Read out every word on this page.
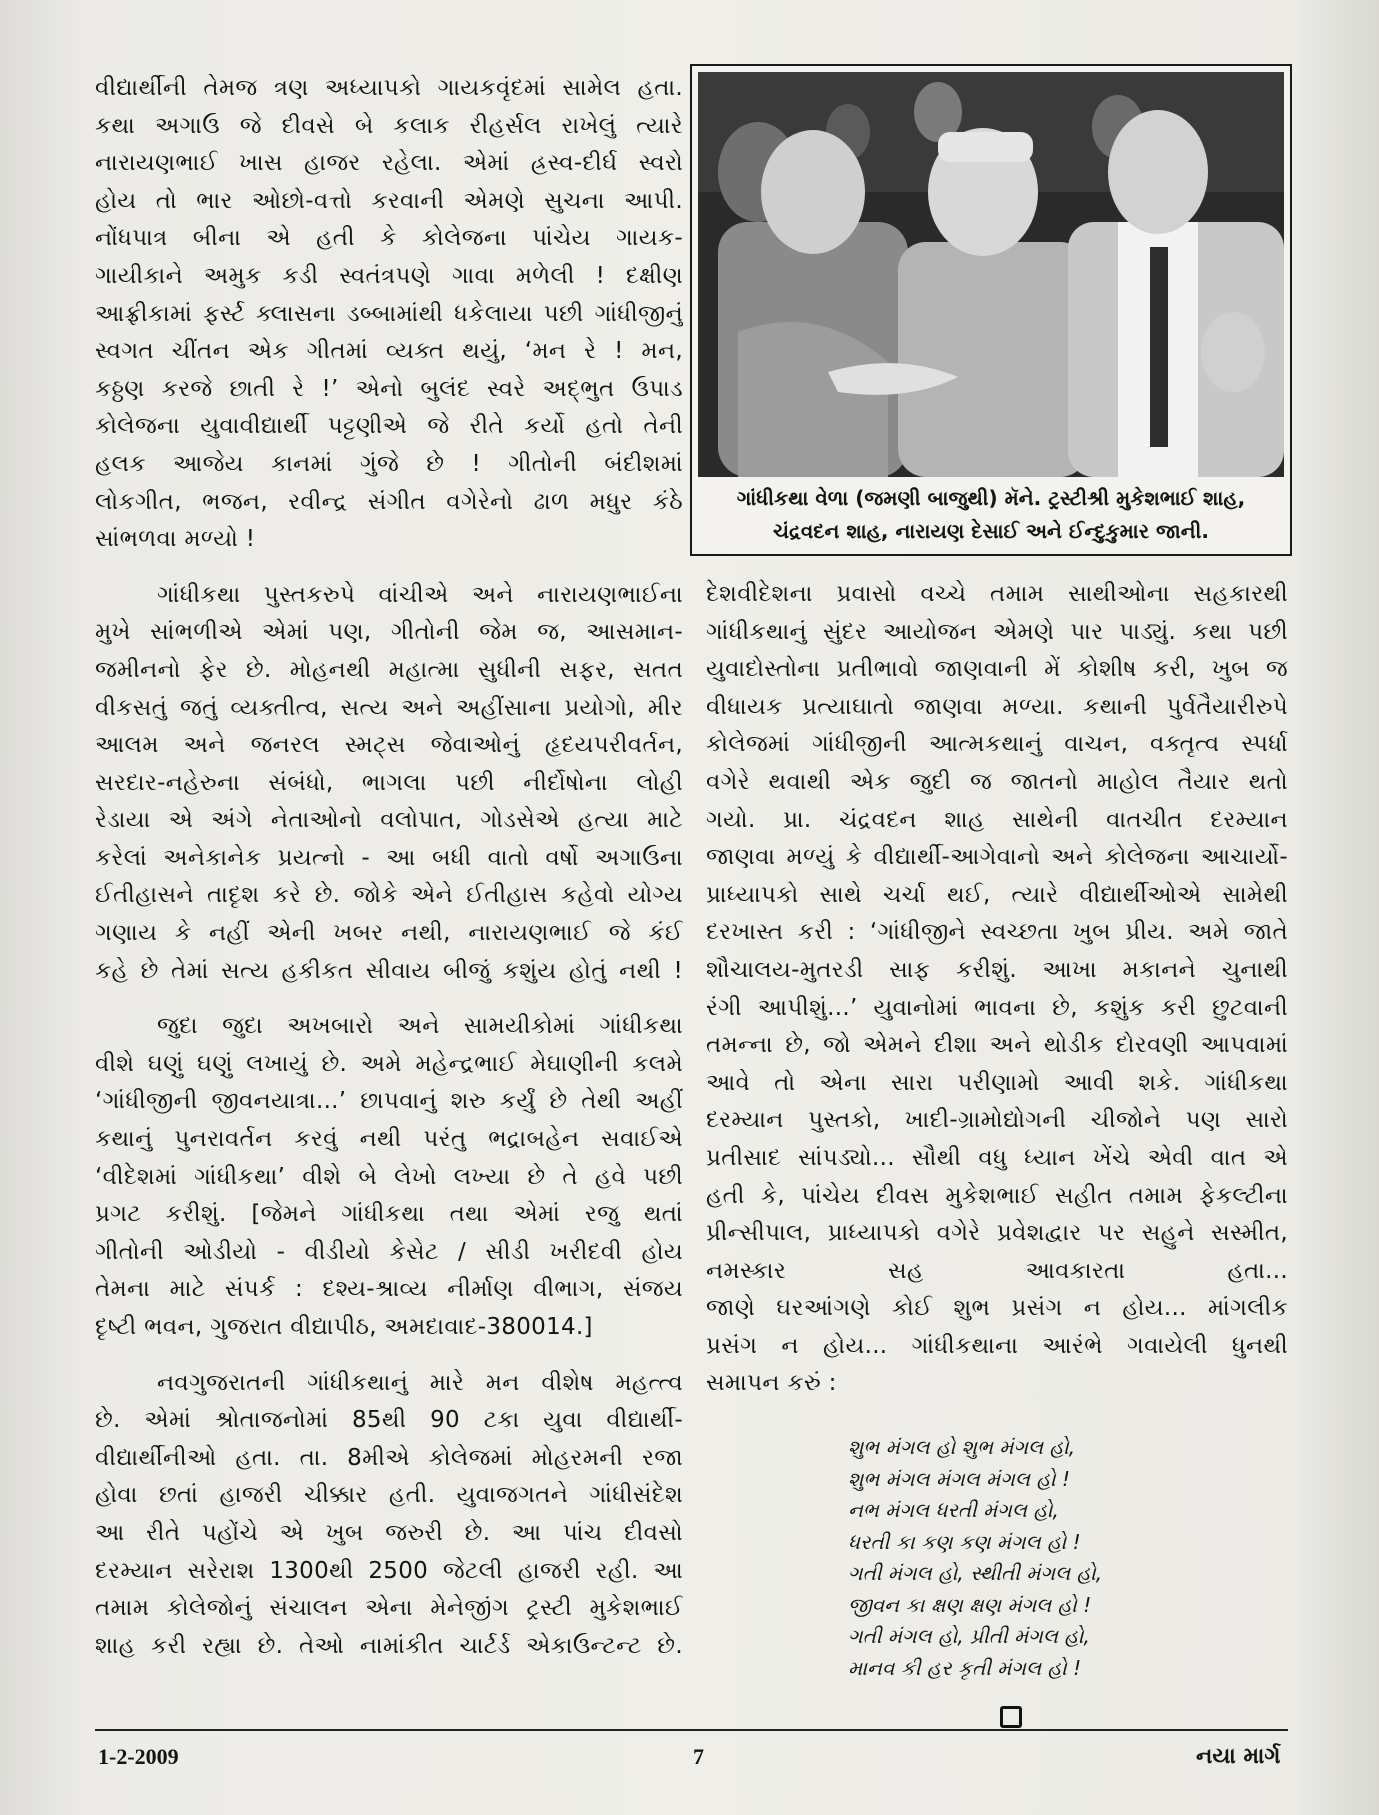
વીદ્યાર્થીની તેમજ ત્રણ અધ્યાપકો ગાયકવૃંદમાં સામેલ હતા.
કથા અગાઉ જે દીવસે બે કલાક રીહર્સલ રાખેલું ત્યારે
નારાયણભાઈ ખાસ હાજર રહેલા. એમાં હ્રસ્વ-દીર્ઘ સ્વરો
હોય તો ભાર ઓછો-વત્તો કરવાની એમણે સુચના આપી.
નોંધપાત્ર બીના એ હતી કે કોલેજના પાંચેય ગાયક-
ગાયીકાને અમુક કડી સ્વતંત્રપણે ગાવા મળેલી ! દક્ષીણ
આફ્રીકામાં ફર્સ્ટ ક્લાસના ડબ્બામાંથી ધકેલાયા પછી ગાંધીજીનું
સ્વગત ચીંતન એક ગીતમાં વ્યક્ત થયું, ‘મન રે ! મન,
કઠ્ઠણ કરજે છાતી રે !’ એનો બુલંદ સ્વરે અદ્ભુત ઉપાડ
કોલેજના યુવાવીદ્યાર્થી પટ્ટણીએ જે રીતે કર્યો હતો તેની
હલક આજેય કાનમાં ગુંજે છે ! ગીતોની બંદીશમાં
લોકગીત, ભજન, રવીન્દ્ર સંગીત વગેરેનો ઢાળ મધુર કંઠે
સાંભળવા મળ્યો !
ગાંધીકથા પુસ્તકરુપે વાંચીએ અને નારાયણભાઈના
મુખે સાંભળીએ એમાં પણ, ગીતોની જેમ જ, આસમાન-
જમીનનો ફેર છે. મોહનથી મહાત્મા સુધીની સફર, સતત
વીકસતું જતું વ્યક્તીત્વ, સત્ય અને અહીંસાના પ્રયોગો, મીર
આલમ અને જનરલ સ્મટ્સ જેવાઓનું હૃદયપરીવર્તન,
સરદાર-નહેરુના સંબંધો, ભાગલા પછી નીર્દોષોના લોહી
રેડાયા એ અંગે નેતાઓનો વલોપાત, ગોડસેએ હત્યા માટે
કરેલાં અનેકાનેક પ્રયત્નો - આ બધી વાતો વર્ષો અગાઉના
ઈતીહાસને તાદૃશ કરે છે. જોકે એને ઈતીહાસ કહેવો યોગ્ય
ગણાય કે નહીં એની ખબર નથી, નારાયણભાઈ જે કંઈ
કહે છે તેમાં સત્ય હકીકત સીવાય બીજું કશુંય હોતું નથી !
જુદા જુદા અખબારો અને સામયીકોમાં ગાંધીકથા
વીશે ઘણું ઘણું લખાયું છે. અમે મહેન્દ્રભાઈ મેઘાણીની કલમે
‘ગાંધીજીની જીવનયાત્રા...’ છાપવાનું શરુ કર્યું છે તેથી અહીં
કથાનું પુનરાવર્તન કરવું નથી પરંતુ ભદ્રાબહેન સવાઈએ
‘વીદેશમાં ગાંધીકથા’ વીશે બે લેખો લખ્યા છે તે હવે પછી
પ્રગટ કરીશું. [જેમને ગાંધીકથા તથા એમાં રજુ થતાં
ગીતોની ઓડીયો - વીડીયો કેસેટ / સીડી ખરીદવી હોય
તેમના માટે સંપર્ક : દશ્ય-શ્રાવ્ય નીર્માણ વીભાગ, સંજય
દૃષ્ટી ભવન, ગુજરાત વીદ્યાપીઠ, અમદાવાદ-380014.]
નવગુજરાતની ગાંધીકથાનું મારે મન વીશેષ મહત્ત્વ
છે. એમાં શ્રોતાજનોમાં 85થી 90 ટકા યુવા વીદ્યાર્થી-
વીદ્યાર્થીનીઓ હતા. તા. 8મીએ કોલેજમાં મોહરમની રજા
હોવા છતાં હાજરી ચીક્કાર હતી. યુવાજગતને ગાંધીસંદેશ
આ રીતે પહોંચે એ ખુબ જરુરી છે. આ પાંચ દીવસો
દરમ્યાન સરેરાશ 1300થી 2500 જેટલી હાજરી રહી. આ
તમામ કોલેજોનું સંચાલન એના મેનેજીંગ ટ્રસ્ટી મુકેશભાઈ
શાહ કરી રહ્યા છે. તેઓ નામાંકીત ચાર્ટર્ડ એકાઉન્ટન્ટ છે.
ગાંધીકથા વેળા (જમણી બાજુથી) મૅને. ટ્રસ્ટીશ્રી મુકેશભાઈ શાહ,
ચંદ્રવદન શાહ, નારાયણ દેસાઈ અને ઈન્દુકુમાર જાની.
દેશવીદેશના પ્રવાસો વચ્ચે તમામ સાથીઓના સહકારથી
ગાંધીકથાનું સુંદર આયોજન એમણે પાર પાડ્યું. કથા પછી
યુવાદોસ્તોના પ્રતીભાવો જાણવાની મેં કોશીષ કરી, ખુબ જ
વીધાયક પ્રત્યાઘાતો જાણવા મળ્યા. કથાની પુર્વતૈયારીરુપે
કોલેજમાં ગાંધીજીની આત્મકથાનું વાચન, વક્તૃત્વ સ્પર્ધા
વગેરે થવાથી એક જુદી જ જાતનો માહોલ તૈયાર થતો
ગયો. પ્રા. ચંદ્રવદન શાહ સાથેની વાતચીત દરમ્યાન
જાણવા મળ્યું કે વીદ્યાર્થી-આગેવાનો અને કોલેજના આચાર્યો-
પ્રાધ્યાપકો સાથે ચર્ચા થઈ, ત્યારે વીદ્યાર્થીઓએ સામેથી
દરખાસ્ત કરી : ‘ગાંધીજીને સ્વચ્છતા ખુબ પ્રીય. અમે જાતે
શૌચાલય-મુતરડી સાફ કરીશું. આખા મકાનને ચુનાથી
રંગી આપીશું...’ યુવાનોમાં ભાવના છે, કશુંક કરી છુટવાની
તમન્ના છે, જો એમને દીશા અને થોડીક દોરવણી આપવામાં
આવે તો એના સારા પરીણામો આવી શકે. ગાંધીકથા
દરમ્યાન પુસ્તકો, ખાદી-ગ્રામોદ્યોગની ચીજોને પણ સારો
પ્રતીસાદ સાંપડ્યો... સૌથી વધુ ધ્યાન ખેંચે એવી વાત એ
હતી કે, પાંચેય દીવસ મુકેશભાઈ સહીત તમામ ફેકલ્ટીના
પ્રીન્સીપાલ, પ્રાધ્યાપકો વગેરે પ્રવેશદ્વાર પર સહુને સસ્મીત,
નમસ્કાર સહ આવકારતા હતા...
જાણે ઘરઆંગણે કોઈ શુભ પ્રસંગ ન હોય... માંગલીક
પ્રસંગ ન હોય... ગાંધીકથાના આરંભે ગવાયેલી ધુનથી
સમાપન કરું :
શુભ મંગલ હો શુભ મંગલ હો,
શુભ મંગલ મંગલ મંગલ હો !
નભ મંગલ ધરતી મંગલ હો,
ધરતી કા કણ કણ મંગલ હો !
ગતી મંગલ હો, સ્થીતી મંગલ હો,
જીવન કા ક્ષણ ક્ષણ મંગલ હો !
ગતી મંગલ હો, પ્રીતી મંગલ હો,
માનવ કી હર કૃતી મંગલ હો !
1-2-2009	7	નયા માર્ગ
